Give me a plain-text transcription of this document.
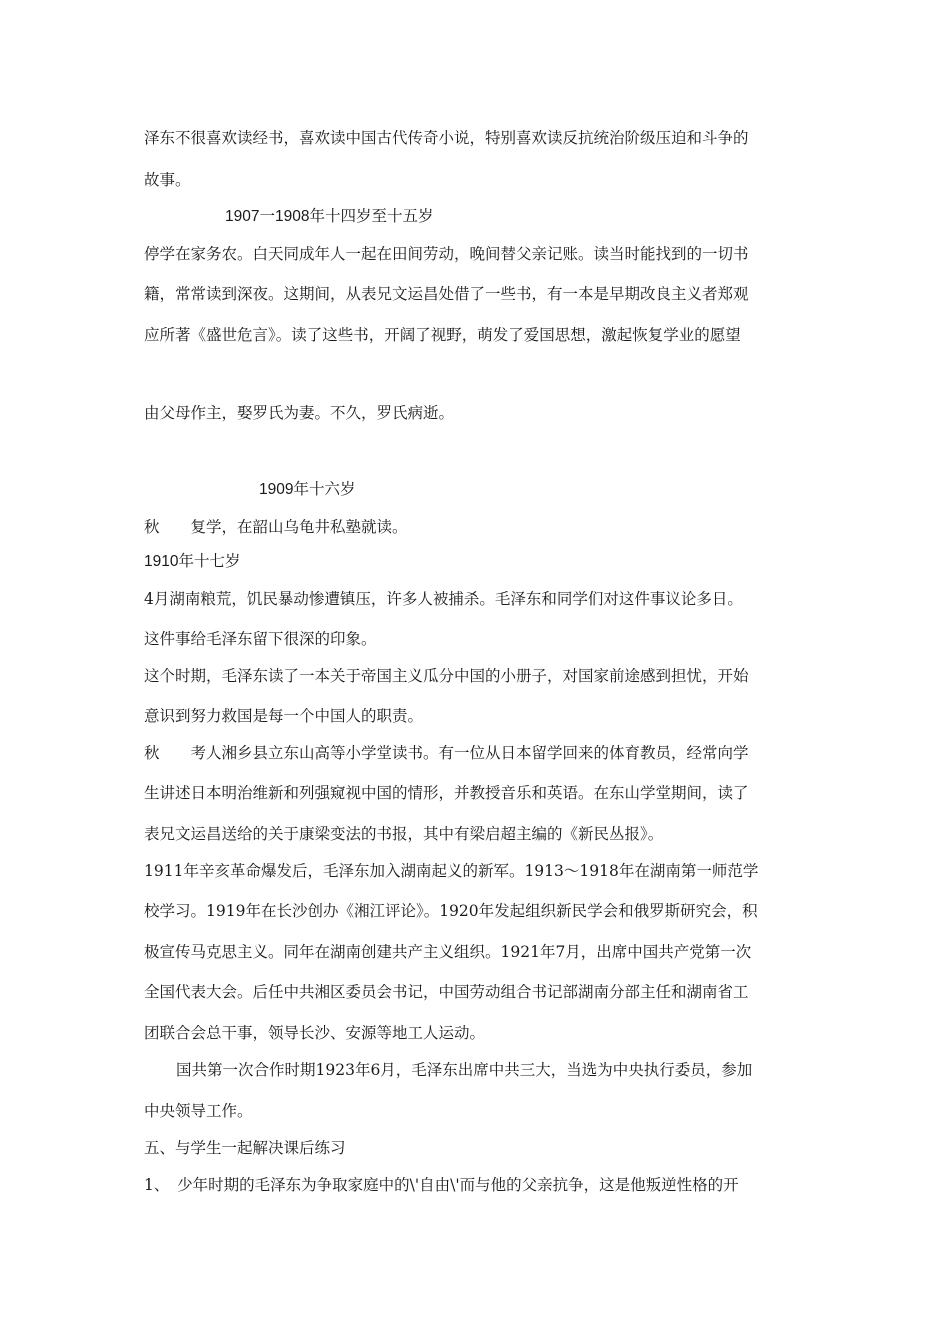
泽东不很喜欢读经书，喜欢读中国古代传奇小说，特别喜欢读反抗统治阶级压迫和斗争的
故事。
1907一1908年十四岁至十五岁
停学在家务农。白天同成年人一起在田间劳动，晚间替父亲记账。读当时能找到的一切书
籍，常常读到深夜。这期间，从表兄文运昌处借了一些书，有一本是早期改良主义者郑观
应所著《盛世危言》。读了这些书，开阔了视野，萌发了爱国思想，激起恢复学业的愿望
由父母作主，娶罗氏为妻。不久，罗氏病逝。
1909年十六岁
秋　　复学，在韶山乌龟井私塾就读。
1910年十七岁
4月湖南粮荒，饥民暴动惨遭镇压，许多人被捕杀。毛泽东和同学们对这件事议论多日。
这件事给毛泽东留下很深的印象。
这个时期，毛泽东读了一本关于帝国主义瓜分中国的小册子，对国家前途感到担忧，开始
意识到努力救国是每一个中国人的职责。
秋　　考人湘乡县立东山高等小学堂读书。有一位从日本留学回来的体育教员，经常向学
生讲述日本明治维新和列强窥视中国的情形，并教授音乐和英语。在东山学堂期间，读了
表兄文运昌送给的关于康梁变法的书报，其中有梁启超主编的《新民丛报》。
1911年辛亥革命爆发后，毛泽东加入湖南起义的新军。1913～1918年在湖南第一师范学
校学习。1919年在长沙创办《湘江评论》。1920年发起组织新民学会和俄罗斯研究会，积
极宣传马克思主义。同年在湖南创建共产主义组织。1921年7月，出席中国共产党第一次
全国代表大会。后任中共湘区委员会书记，中国劳动组合书记部湖南分部主任和湖南省工
团联合会总干事，领导长沙、安源等地工人运动。
国共第一次合作时期1923年6月，毛泽东出席中共三大，当选为中央执行委员，参加
中央领导工作。
五、与学生一起解决课后练习
1、　少年时期的毛泽东为争取家庭中的\'自由\'而与他的父亲抗争，这是他叛逆性格的开
